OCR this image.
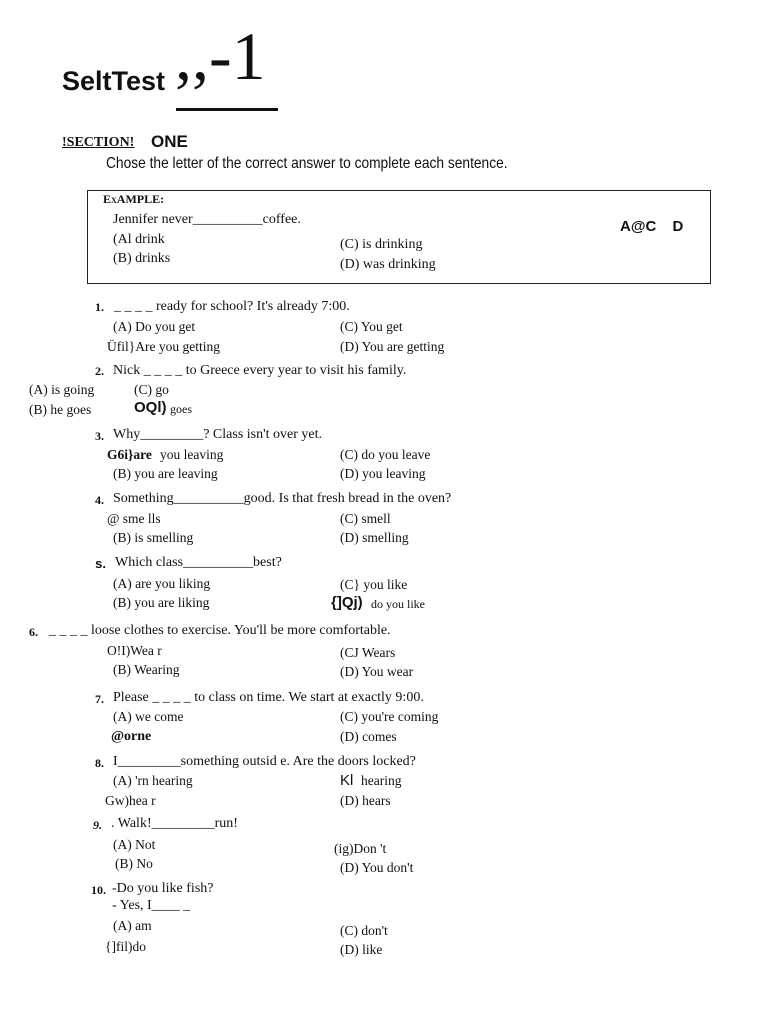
SeltTest ,,-1
!SECTION! ONE
Chose the letter of the correct answer to complete each sentence.
ExAMPLE:
Jennifer never__________coffee.
(Al drink
(B) drinks
(C) is drinking
(D) was drinking
A@C D
1. _ _ _ _ ready for school? It's already 7:00.
(A) Do you get
Üfil}Are you getting
(C) You get
(D) You are getting
2. Nick _ _ _ _ to Greece every year to visit his family.
(A) is going
(B) he goes
(C) go
OQl) goes
3. Why_________? Class isn't over yet.
G6i}are you leaving
(B) you are leaving
(C) do you leave
(D) you leaving
4. Something__________good. Is that fresh bread in the oven?
@ sme lls
(B) is smelling
(C) smell
(D) smelling
s. Which class__________best?
(A) are you liking
(B) you are liking
(C} you like
{]Qj) do you like
6. _ _ _ _ loose clothes to exercise. You'll be more comfortable.
O!I)Wea r
(B) Wearing
(CJ Wears
(D) You wear
7. Please _ _ _ _ to class on time. We start at exactly 9:00.
(A) we come
@orne
(C) you're coming
(D) comes
8. I_________something outsid e. Are the doors locked?
(A) 'rn hearing
Gw)hea r
Kl hearing
(D) hears
9. . Walk!_________run!
(A) Not
(B) No
(ig)Don 't
(D) You don't
10. -Do you like fish?
- Yes, I____ _
(A) am
{]fil)do
(C) don't
(D) like
